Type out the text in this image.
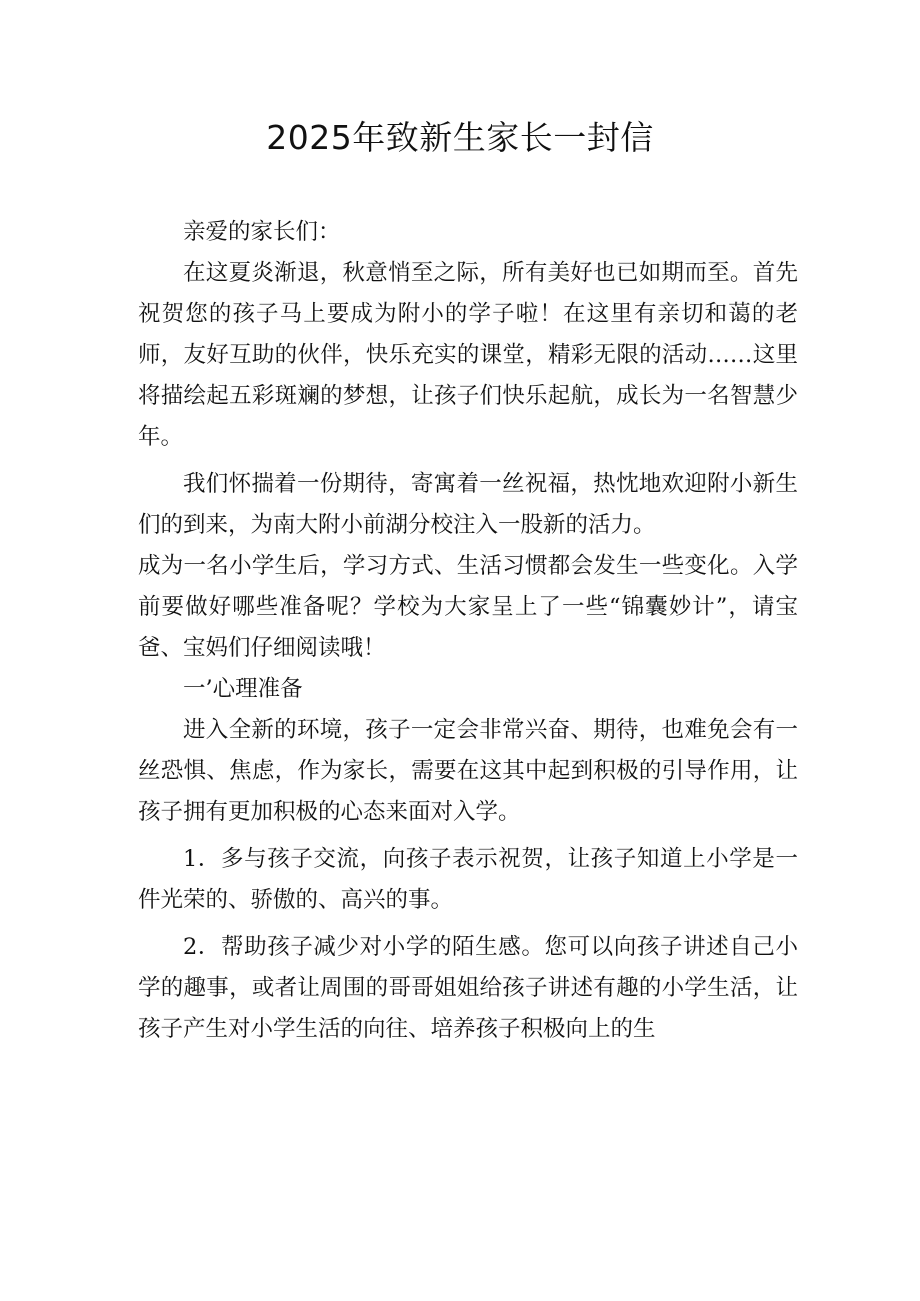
2025年致新生家长一封信

亲爱的家长们：

在这夏炎渐退，秋意悄至之际，所有美好也已如期而至。首先祝贺您的孩子马上要成为附小的学子啦！在这里有亲切和蔼的老师，友好互助的伙伴，快乐充实的课堂，精彩无限的活动……这里将描绘起五彩斑斓的梦想，让孩子们快乐起航，成长为一名智慧少年。

我们怀揣着一份期待，寄寓着一丝祝福，热忱地欢迎附小新生们的到来，为南大附小前湖分校注入一股新的活力。

成为一名小学生后，学习方式、生活习惯都会发生一些变化。入学前要做好哪些准备呢？学校为大家呈上了一些“锦囊妙计”，请宝爸、宝妈们仔细阅读哦！

一’心理准备

进入全新的环境，孩子一定会非常兴奋、期待，也难免会有一丝恐惧、焦虑，作为家长，需要在这其中起到积极的引导作用，让孩子拥有更加积极的心态来面对入学。

1．多与孩子交流，向孩子表示祝贺，让孩子知道上小学是一件光荣的、骄傲的、高兴的事。

2．帮助孩子减少对小学的陌生感。您可以向孩子讲述自己小学的趣事，或者让周围的哥哥姐姐给孩子讲述有趣的小学生活，让孩子产生对小学生活的向往、培养孩子积极向上的生
